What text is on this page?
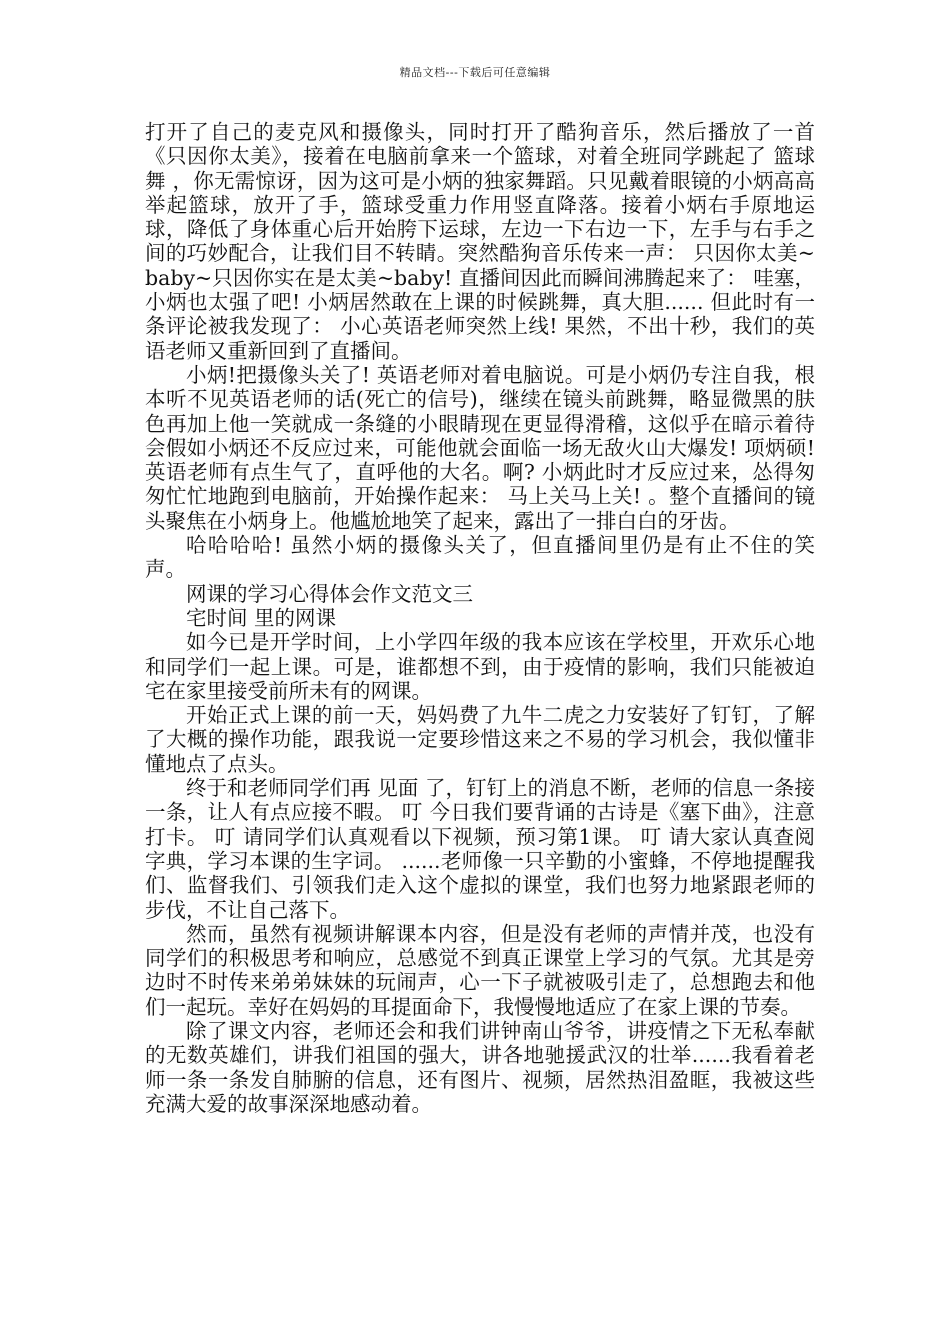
精品文档---下载后可任意编辑

打开了自己的麦克风和摄像头，同时打开了酷狗音乐，然后播放了一首《只因你太美》，接着在电脑前拿来一个篮球，对着全班同学跳起了 篮球舞 ，你无需惊讶，因为这可是小炳的独家舞蹈。只见戴着眼镜的小炳高高举起篮球，放开了手，篮球受重力作用竖直降落。接着小炳右手原地运球，降低了身体重心后开始胯下运球，左边一下右边一下，左手与右手之间的巧妙配合，让我们目不转睛。突然酷狗音乐传来一声： 只因你太美~baby~只因你实在是太美~baby! 直播间因此而瞬间沸腾起来了： 哇塞，小炳也太强了吧! 小炳居然敢在上课的时候跳舞，真大胆...... 但此时有一条评论被我发现了： 小心英语老师突然上线! 果然，不出十秒，我们的英语老师又重新回到了直播间。

小炳!把摄像头关了! 英语老师对着电脑说。可是小炳仍专注自我，根本听不见英语老师的话(死亡的信号)，继续在镜头前跳舞，略显微黑的肤色再加上他一笑就成一条缝的小眼睛现在更显得滑稽，这似乎在暗示着待会假如小炳还不反应过来，可能他就会面临一场无敌火山大爆发! 项炳硕! 英语老师有点生气了，直呼他的大名。啊? 小炳此时才反应过来，怂得匆匆忙忙地跑到电脑前，开始操作起来： 马上关马上关! 。整个直播间的镜头聚焦在小炳身上。他尴尬地笑了起来，露出了一排白白的牙齿。

哈哈哈哈! 虽然小炳的摄像头关了，但直播间里仍是有止不住的笑声。

网课的学习心得体会作文范文三

宅时间 里的网课

如今已是开学时间，上小学四年级的我本应该在学校里，开欢乐心地和同学们一起上课。可是，谁都想不到，由于疫情的影响，我们只能被迫宅在家里接受前所未有的网课。

开始正式上课的前一天，妈妈费了九牛二虎之力安装好了钉钉，了解了大概的操作功能，跟我说一定要珍惜这来之不易的学习机会，我似懂非懂地点了点头。

终于和老师同学们再 见面 了，钉钉上的消息不断，老师的信息一条接一条，让人有点应接不暇。 叮 今日我们要背诵的古诗是《塞下曲》，注意打卡。 叮 请同学们认真观看以下视频，预习第1课。 叮 请大家认真查阅字典，学习本课的生字词。 ......老师像一只辛勤的小蜜蜂，不停地提醒我们、监督我们、引领我们走入这个虚拟的课堂，我们也努力地紧跟老师的步伐，不让自己落下。

然而，虽然有视频讲解课本内容，但是没有老师的声情并茂，也没有同学们的积极思考和响应，总感觉不到真正课堂上学习的气氛。尤其是旁边时不时传来弟弟妹妹的玩闹声，心一下子就被吸引走了，总想跑去和他们一起玩。幸好在妈妈的耳提面命下，我慢慢地适应了在家上课的节奏。

除了课文内容，老师还会和我们讲钟南山爷爷，讲疫情之下无私奉献的无数英雄们，讲我们祖国的强大，讲各地驰援武汉的壮举......我看着老师一条一条发自肺腑的信息，还有图片、视频，居然热泪盈眶，我被这些充满大爱的故事深深地感动着。
